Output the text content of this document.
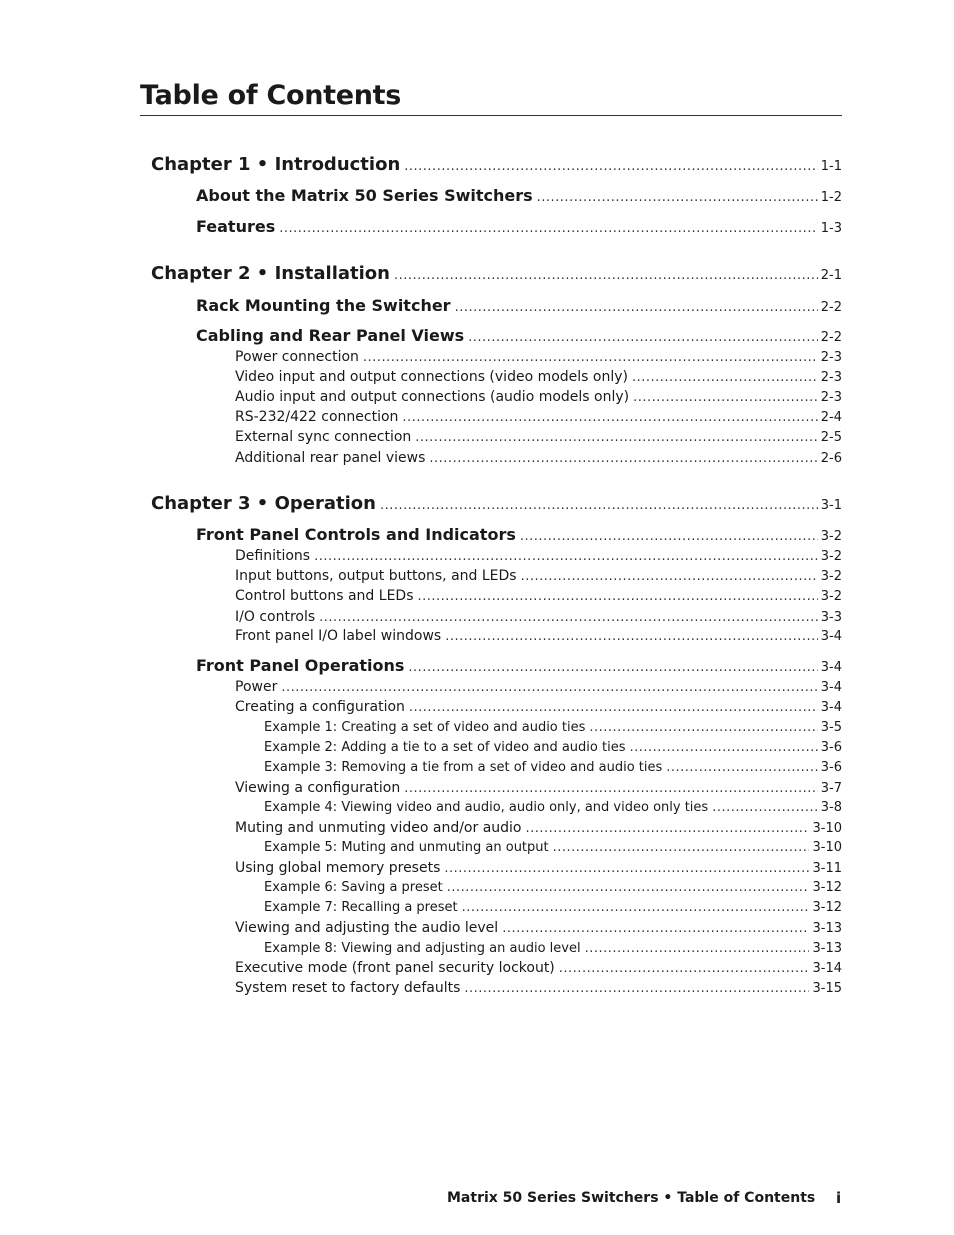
Table of Contents
Chapter 1 • Introduction .....	1-1
About the Matrix 50 Series Switchers .....	1-2
Features .....	1-3
Chapter 2 • Installation .....	2-1
Rack Mounting the Switcher .....	2-2
Cabling and Rear Panel Views .....	2-2
Power connection .....	2-3
Video input and output connections (video models only) .....	2-3
Audio input and output connections (audio models only) .....	2-3
RS-232/422 connection .....	2-4
External sync connection .....	2-5
Additional rear panel views .....	2-6
Chapter 3 • Operation .....	3-1
Front Panel Controls and Indicators .....	3-2
Definitions .....	3-2
Input buttons, output buttons, and LEDs .....	3-2
Control buttons and LEDs .....	3-2
I/O controls .....	3-3
Front panel I/O label windows .....	3-4
Front Panel Operations .....	3-4
Power .....	3-4
Creating a configuration .....	3-4
Example 1: Creating a set of video and audio ties .....	3-5
Example 2: Adding a tie to a set of video and audio ties .....	3-6
Example 3: Removing a tie from a set of video and audio ties .....	3-6
Viewing a configuration .....	3-7
Example 4: Viewing video and audio, audio only, and video only ties .....	3-8
Muting and unmuting video and/or audio .....	3-10
Example 5: Muting and unmuting an output .....	3-10
Using global memory presets .....	3-11
Example 6: Saving a preset .....	3-12
Example 7: Recalling a preset .....	3-12
Viewing and adjusting the audio level .....	3-13
Example 8: Viewing and adjusting an audio level .....	3-13
Executive mode (front panel security lockout) .....	3-14
System reset to factory defaults .....	3-15
Matrix 50 Series Switchers • Table of Contents i
